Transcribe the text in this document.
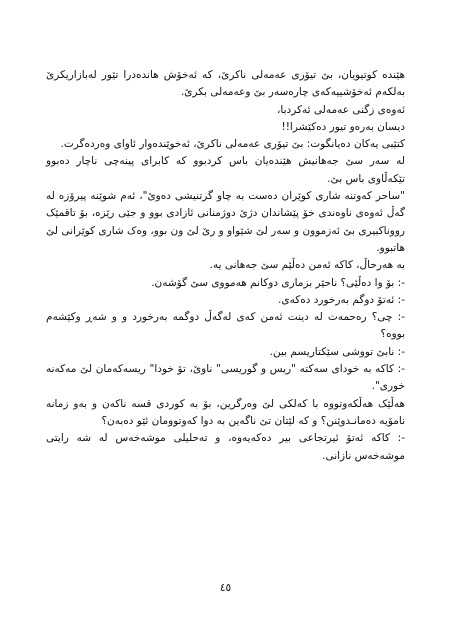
هێنده کوتیویان، بێ تیۆری عەمەلی ناکرێ، کە ئەخۆش هاندەدرا تێور لەبازاریکرێ بەلکەم ئەخۆشییەکەی چارەسەر بێ وعەمەلی بکرێ.

ئەوەی زگنی عەمەلی ئەکردبا،

دیسان بەرەو تیور دەکێشرا!!

کتێبی یەکان دەیانگوت: بێ تیۆری عەمەلی ناکرێ، ئەخوێندەوار ئاوای وەردەگرت.

لە سەر سێ جەهانیش هێندەیان باس کردبوو کە کابرای پینەچی ناچار دەبوو تێکەڵاوی باس بێ.

"ساحر کەوتنە شاری کوێران دەست بە چاو گرتنیشی دەوێ"، ئەم شوێنە پیرۆزە لە گەڵ ئەوەی ناوەندی خۆ پێشاندان دژێ دوژمنانی ئازادی بوو و جێی رێزە، بۆ تاقمێک رووناکبیری بێ ئەزموون و سەر لێ شێواو و رێ لێ ون بوو، وەک شاری کوێرانی لێ هاتبوو.

بە هەرحاڵ، کاکە ئەمن دەڵێم سێ جەهانی یە.

-: بۆ وا دەڵێی؟ ناحێر بزماری دوکانم هەمووی سێ گۆشەن.

-: ئەتۆ دوگم بەرخورد دەکەی.

-: چی؟ رەحمەت لە دینت ئەمن کەی لەگەڵ دوگمە بەرخورد و و شەڕ وکێشەم بووە؟

-: نابێ تووشی سێکتاریسم بین.

-: کاکە بە خودای سەکتە "ریس و گوریسی" ناوێ، تۆ خودا" ریسەکەمان لێ مەکەنە خوری".

هەڵێک هەڵکەوتووە با کەلکی لێ وەرگرین، بۆ بە کوردی قسە ناکەن و بەو زمانە نامۆیە دەمانـدوێنن؟ و کە لێتان تێ ناگەین بە دوا کەوتوومان ئێو دەبەن؟

-: کاکە ئەتۆ ئیرتجاعی بیر دەکەیەوە، و تەحلیلی موشەخەس لە شە رایتی موشەخەس نازانی.

٤٥
